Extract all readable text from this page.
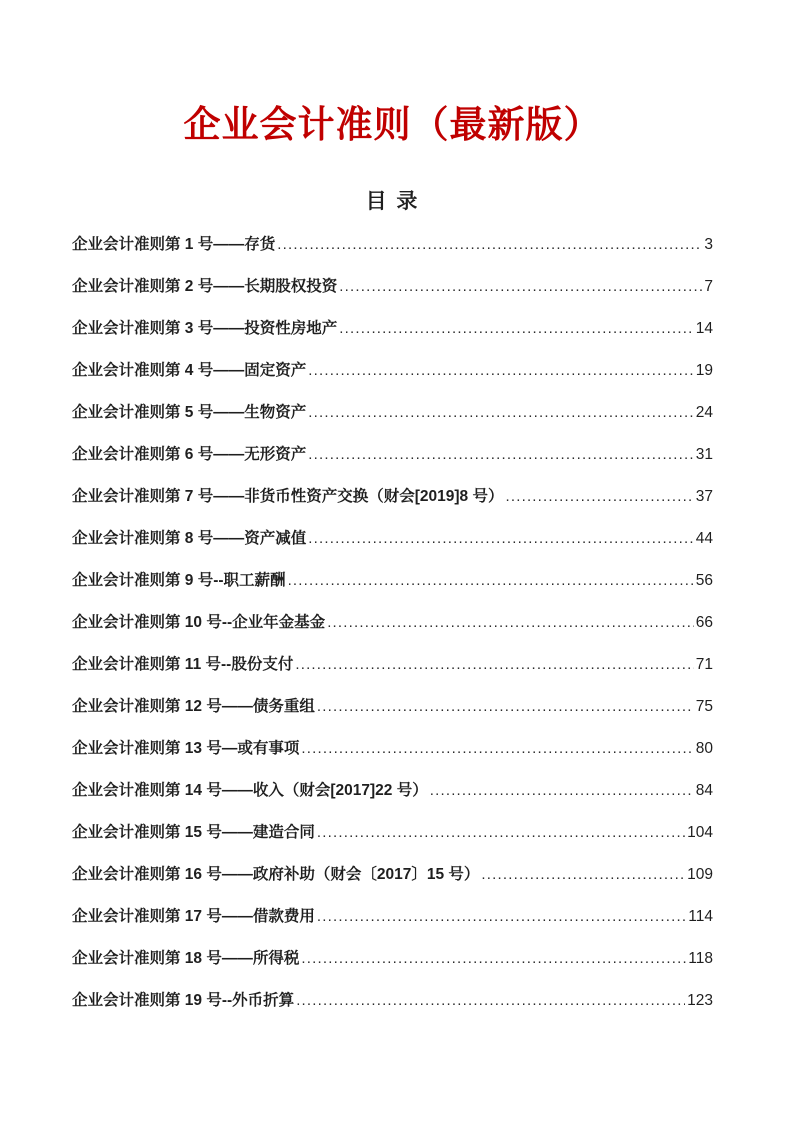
企业会计准则（最新版）
目 录
企业会计准则第 1 号——存货 .....	3
企业会计准则第 2 号——长期股权投资 .....	7
企业会计准则第 3 号——投资性房地产 .....	14
企业会计准则第 4 号——固定资产 .....	19
企业会计准则第 5 号——生物资产 .....	24
企业会计准则第 6 号——无形资产 .....	31
企业会计准则第 7 号——非货币性资产交换（财会[2019]8 号） .....	37
企业会计准则第 8 号——资产减值 .....	44
企业会计准则第 9 号--职工薪酬 .....	56
企业会计准则第 10 号--企业年金基金 .....	66
企业会计准则第 11 号--股份支付 .....	71
企业会计准则第 12 号——债务重组 .....	75
企业会计准则第 13 号—或有事项 .....	80
企业会计准则第 14 号——收入（财会[2017]22 号） .....	84
企业会计准则第 15 号——建造合同 .....	104
企业会计准则第 16 号——政府补助（财会〔2017〕15 号） .....	109
企业会计准则第 17 号——借款费用 .....	114
企业会计准则第 18 号——所得税 .....	118
企业会计准则第 19 号--外币折算 .....	123
